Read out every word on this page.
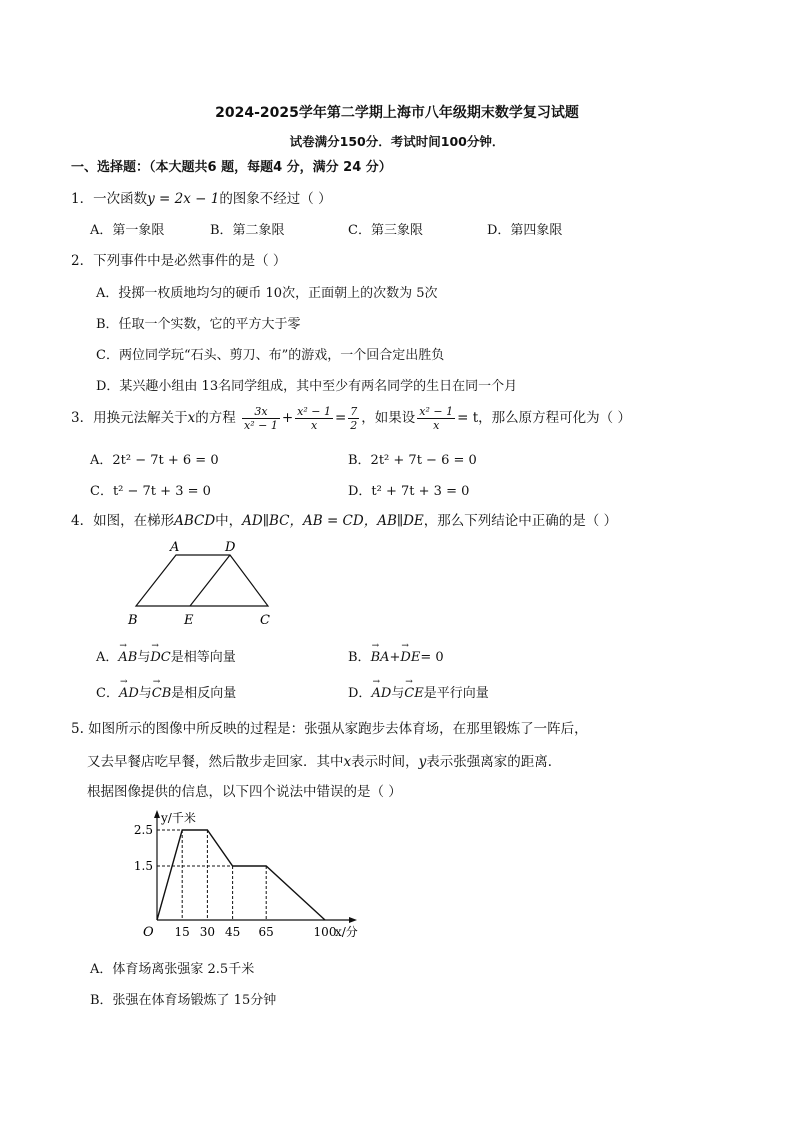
2024-2025学年第二学期上海市八年级期末数学复习试题
试卷满分150分．考试时间100分钟．
一、选择题：（本大题共6 题，每题4 分，满分 24 分）
1．一次函数y = 2x − 1的图象不经过（ ）
A．第一象限	B．第二象限	C．第三象限	D．第四象限
2．下列事件中是必然事件的是（ ）
A．投掷一枚质地均匀的硬币 10次，正面朝上的次数为 5次
B．任取一个实数，它的平方大于零
C．两位同学玩“石头、剪刀、布”的游戏，一个回合定出胜负
D．某兴趣小组由 13名同学组成，其中至少有两名同学的生日在同一个月
3．用换元法解关于x的方程 $\frac{3x}{\text{x² − 1}} + \frac{\text{x² − 1}}{x} = \frac{7}{2}$ ，如果设 $\frac{\text{x² − 1}}{x} = t$，那么原方程可化为（ ）
A．2t² − 7t + 6 = 0	B．2t² + 7t − 6 = 0
C．t² − 7t + 3 = 0	D．t² + 7t + 3 = 0
4．如图，在梯形ABCD中，AD∥BC，AB = CD，AB∥DE，那么下列结论中正确的是（ ）
A	D
B	E	C
A．→ AB与→ DC是相等向量	B．→ BA+→ DE= 0
C．→ AD与→ CB是相反向量	D．→ AD与→ CE是平行向量
5. 如图所示的图像中所反映的过程是：张强从家跑步去体育场，在那里锻炼了一阵后，
又去早餐店吃早餐，然后散步走回家．其中x表示时间，y表示张强离家的距离．
根据图像提供的信息，以下四个说法中错误的是（ ）
15 30 45 65	100
2.5
1.5
O
y/千米
x/分
A．体育场离张强家 2.5千米
B．张强在体育场锻炼了 15分钟
